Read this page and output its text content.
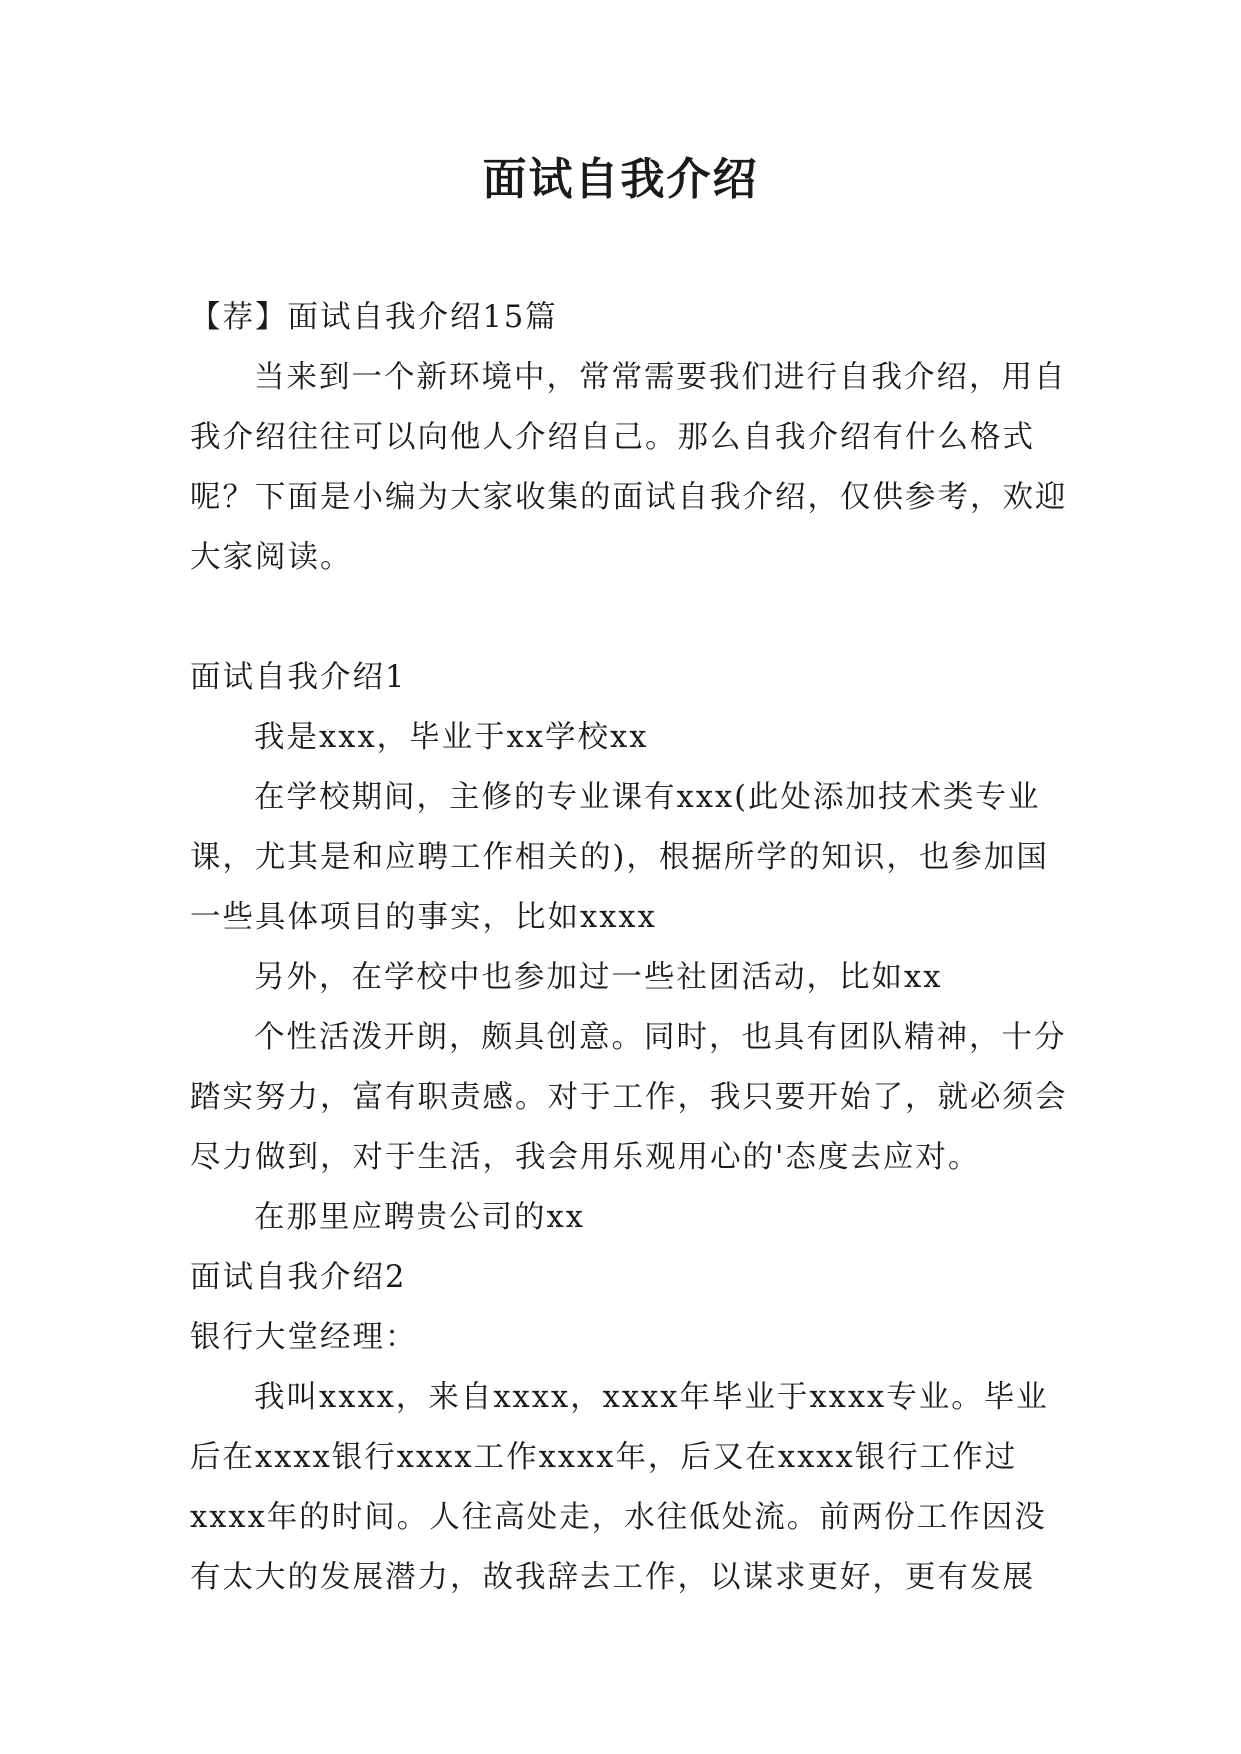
面试自我介绍

【荐】面试自我介绍15篇

当来到一个新环境中，常常需要我们进行自我介绍，用自我介绍往往可以向他人介绍自己。那么自我介绍有什么格式呢？下面是小编为大家收集的面试自我介绍，仅供参考，欢迎大家阅读。

面试自我介绍1

我是xxx，毕业于xx学校xx

在学校期间，主修的专业课有xxx(此处添加技术类专业课，尤其是和应聘工作相关的)，根据所学的知识，也参加国一些具体项目的事实，比如xxxx

另外，在学校中也参加过一些社团活动，比如xx

个性活泼开朗，颇具创意。同时，也具有团队精神，十分踏实努力，富有职责感。对于工作，我只要开始了，就必须会尽力做到，对于生活，我会用乐观用心的'态度去应对。

在那里应聘贵公司的xx

面试自我介绍2

银行大堂经理：

我叫xxxx，来自xxxx，xxxx年毕业于xxxx专业。毕业后在xxxx银行xxxx工作xxxx年，后又在xxxx银行工作过xxxx年的时间。人往高处走，水往低处流。前两份工作因没有太大的发展潜力，故我辞去工作，以谋求更好，更有发展
